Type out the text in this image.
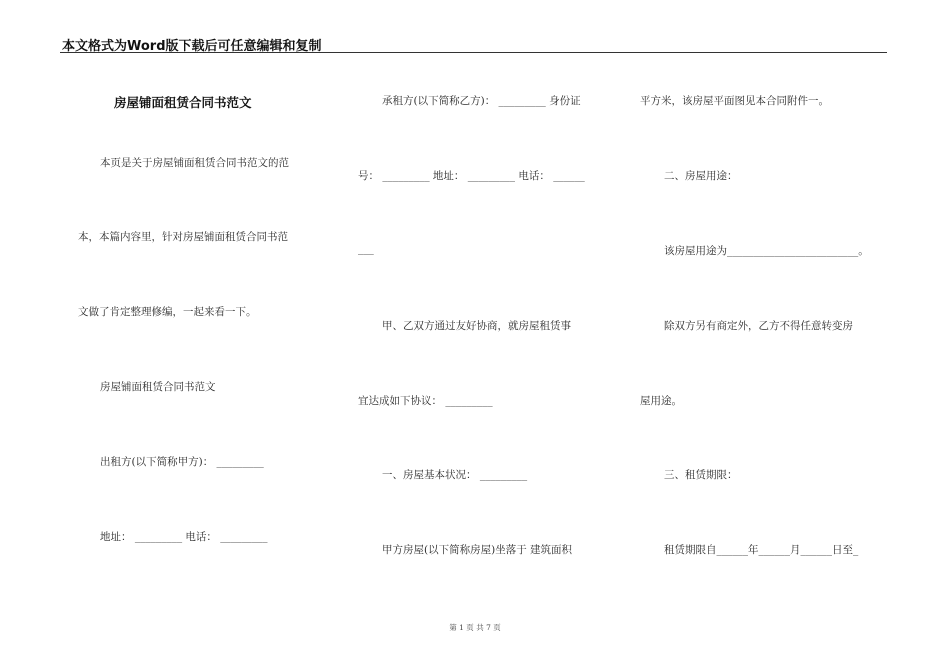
本文格式为Word版下载后可任意编辑和复制
房屋铺面租赁合同书范文
本页是关于房屋铺面租赁合同书范文的范
本，本篇内容里，针对房屋铺面租赁合同书范
文做了肯定整理修编，一起来看一下。
房屋铺面租赁合同书范文
出租方(以下简称甲方)： _________
地址： _________ 电话： _________
承租方(以下简称乙方)： _________ 身份证
号： _________ 地址： _________ 电话： ______
___
甲、乙双方通过友好协商，就房屋租赁事
宜达成如下协议： _________
一、房屋基本状况： _________
甲方房屋(以下简称房屋)坐落于 建筑面积
平方米，该房屋平面图见本合同附件一。
二、房屋用途：
该房屋用途为_________________________。
除双方另有商定外，乙方不得任意转变房
屋用途。
三、租赁期限：
租赁期限自______年______月______日至_
第 1 页 共 7 页
